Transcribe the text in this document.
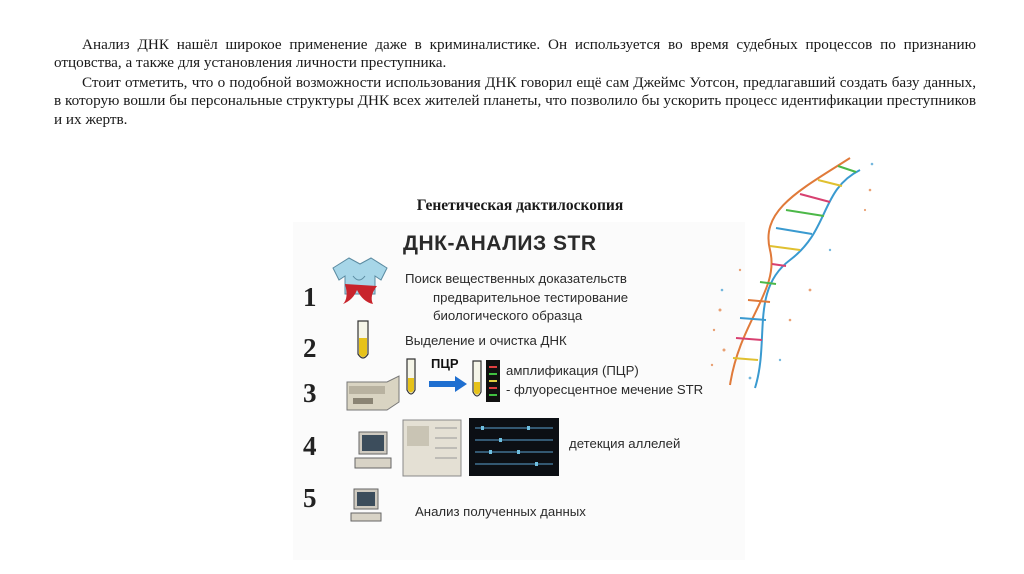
Анализ ДНК нашёл широкое применение даже в криминалистике. Он используется во время судебных процессов по признанию отцовства, а также для установления личности преступника.

Стоит отметить, что о подобной возможности использования ДНК говорил ещё сам Джеймс Уотсон, предлагавший создать базу данных, в которую вошли бы персональные структуры ДНК всех жителей планеты, что позволило бы ускорить процесс идентификации преступников и их жертв.

Генетическая дактилоскопия
ДНК-АНАЛИЗ STR
1
2
3
4
5
ПЦР
Поиск вещественных доказательств
предварительное тестирование
биологического образца
Выделение и очистка ДНК
амплификация (ПЦР)
- флуоресцентное мечение STR
детекция аллелей
Анализ полученных данных
